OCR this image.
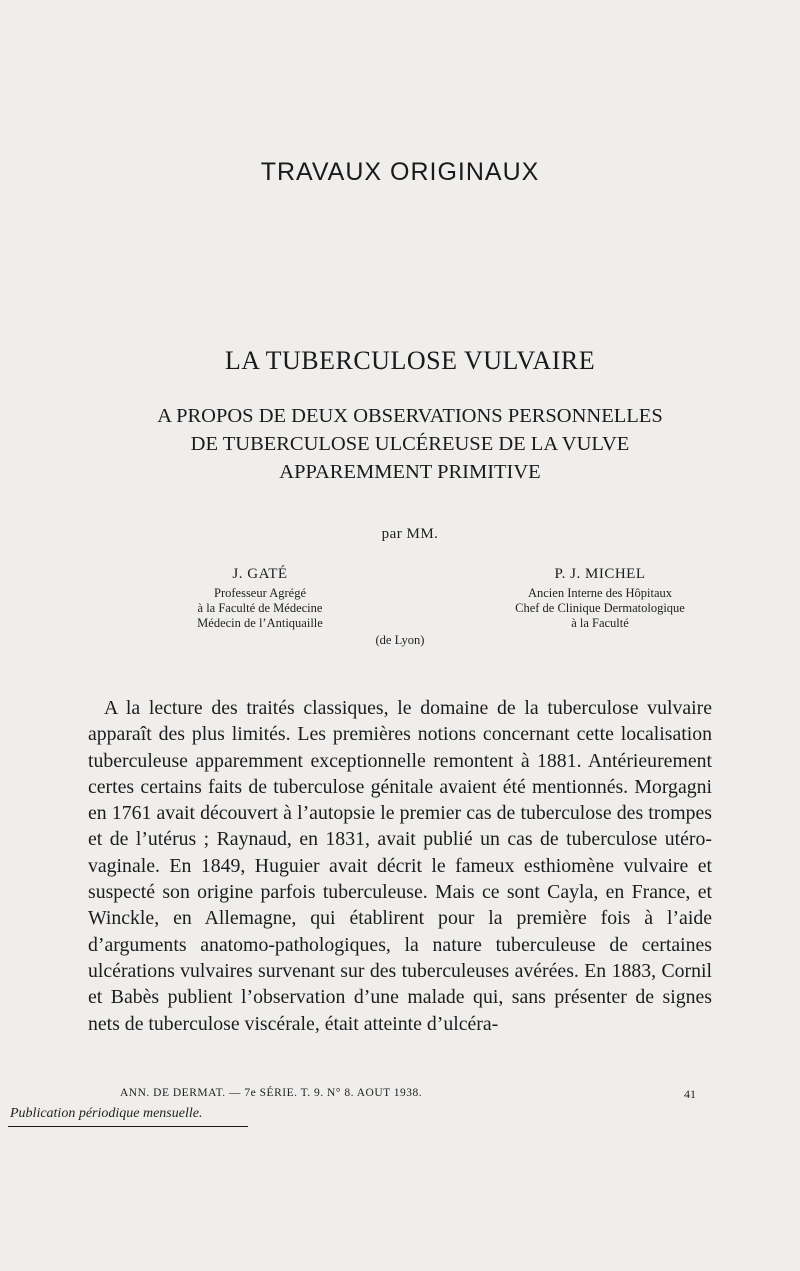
TRAVAUX ORIGINAUX
LA TUBERCULOSE VULVAIRE
A PROPOS DE DEUX OBSERVATIONS PERSONNELLES
DE TUBERCULOSE ULCÉREUSE DE LA VULVE
APPAREMMENT PRIMITIVE
par MM.
J. GATÉ
Professeur Agrégé
à la Faculté de Médecine
Médecin de l’Antiquaille
P. J. MICHEL
Ancien Interne des Hôpitaux
Chef de Clinique Dermatologique
à la Faculté
(de Lyon)

A la lecture des traités classiques, le domaine de la tuberculose vulvaire apparaît des plus limités. Les premières notions concernant cette localisation tuberculeuse apparemment exceptionnelle remontent à 1881. Antérieurement certes certains faits de tuberculose génitale avaient été mentionnés. Morgagni en 1761 avait découvert à l’autopsie le premier cas de tuberculose des trompes et de l’utérus ; Raynaud, en 1831, avait publié un cas de tuberculose utéro-vaginale. En 1849, Huguier avait décrit le fameux esthiomène vulvaire et suspecté son origine parfois tuberculeuse. Mais ce sont Cayla, en France, et Winckle, en Allemagne, qui établirent pour la première fois à l’aide d’arguments anatomo-pathologiques, la nature tuberculeuse de certaines ulcérations vulvaires survenant sur des tuberculeuses avérées. En 1883, Cornil et Babès publient l’observation d’une malade qui, sans présenter de signes nets de tuberculose viscérale, était atteinte d’ulcéra-

ANN. DE DERMAT. — 7e SÉRIE. T. 9. N° 8. AOUT 1938.	41
Publication périodique mensuelle.
